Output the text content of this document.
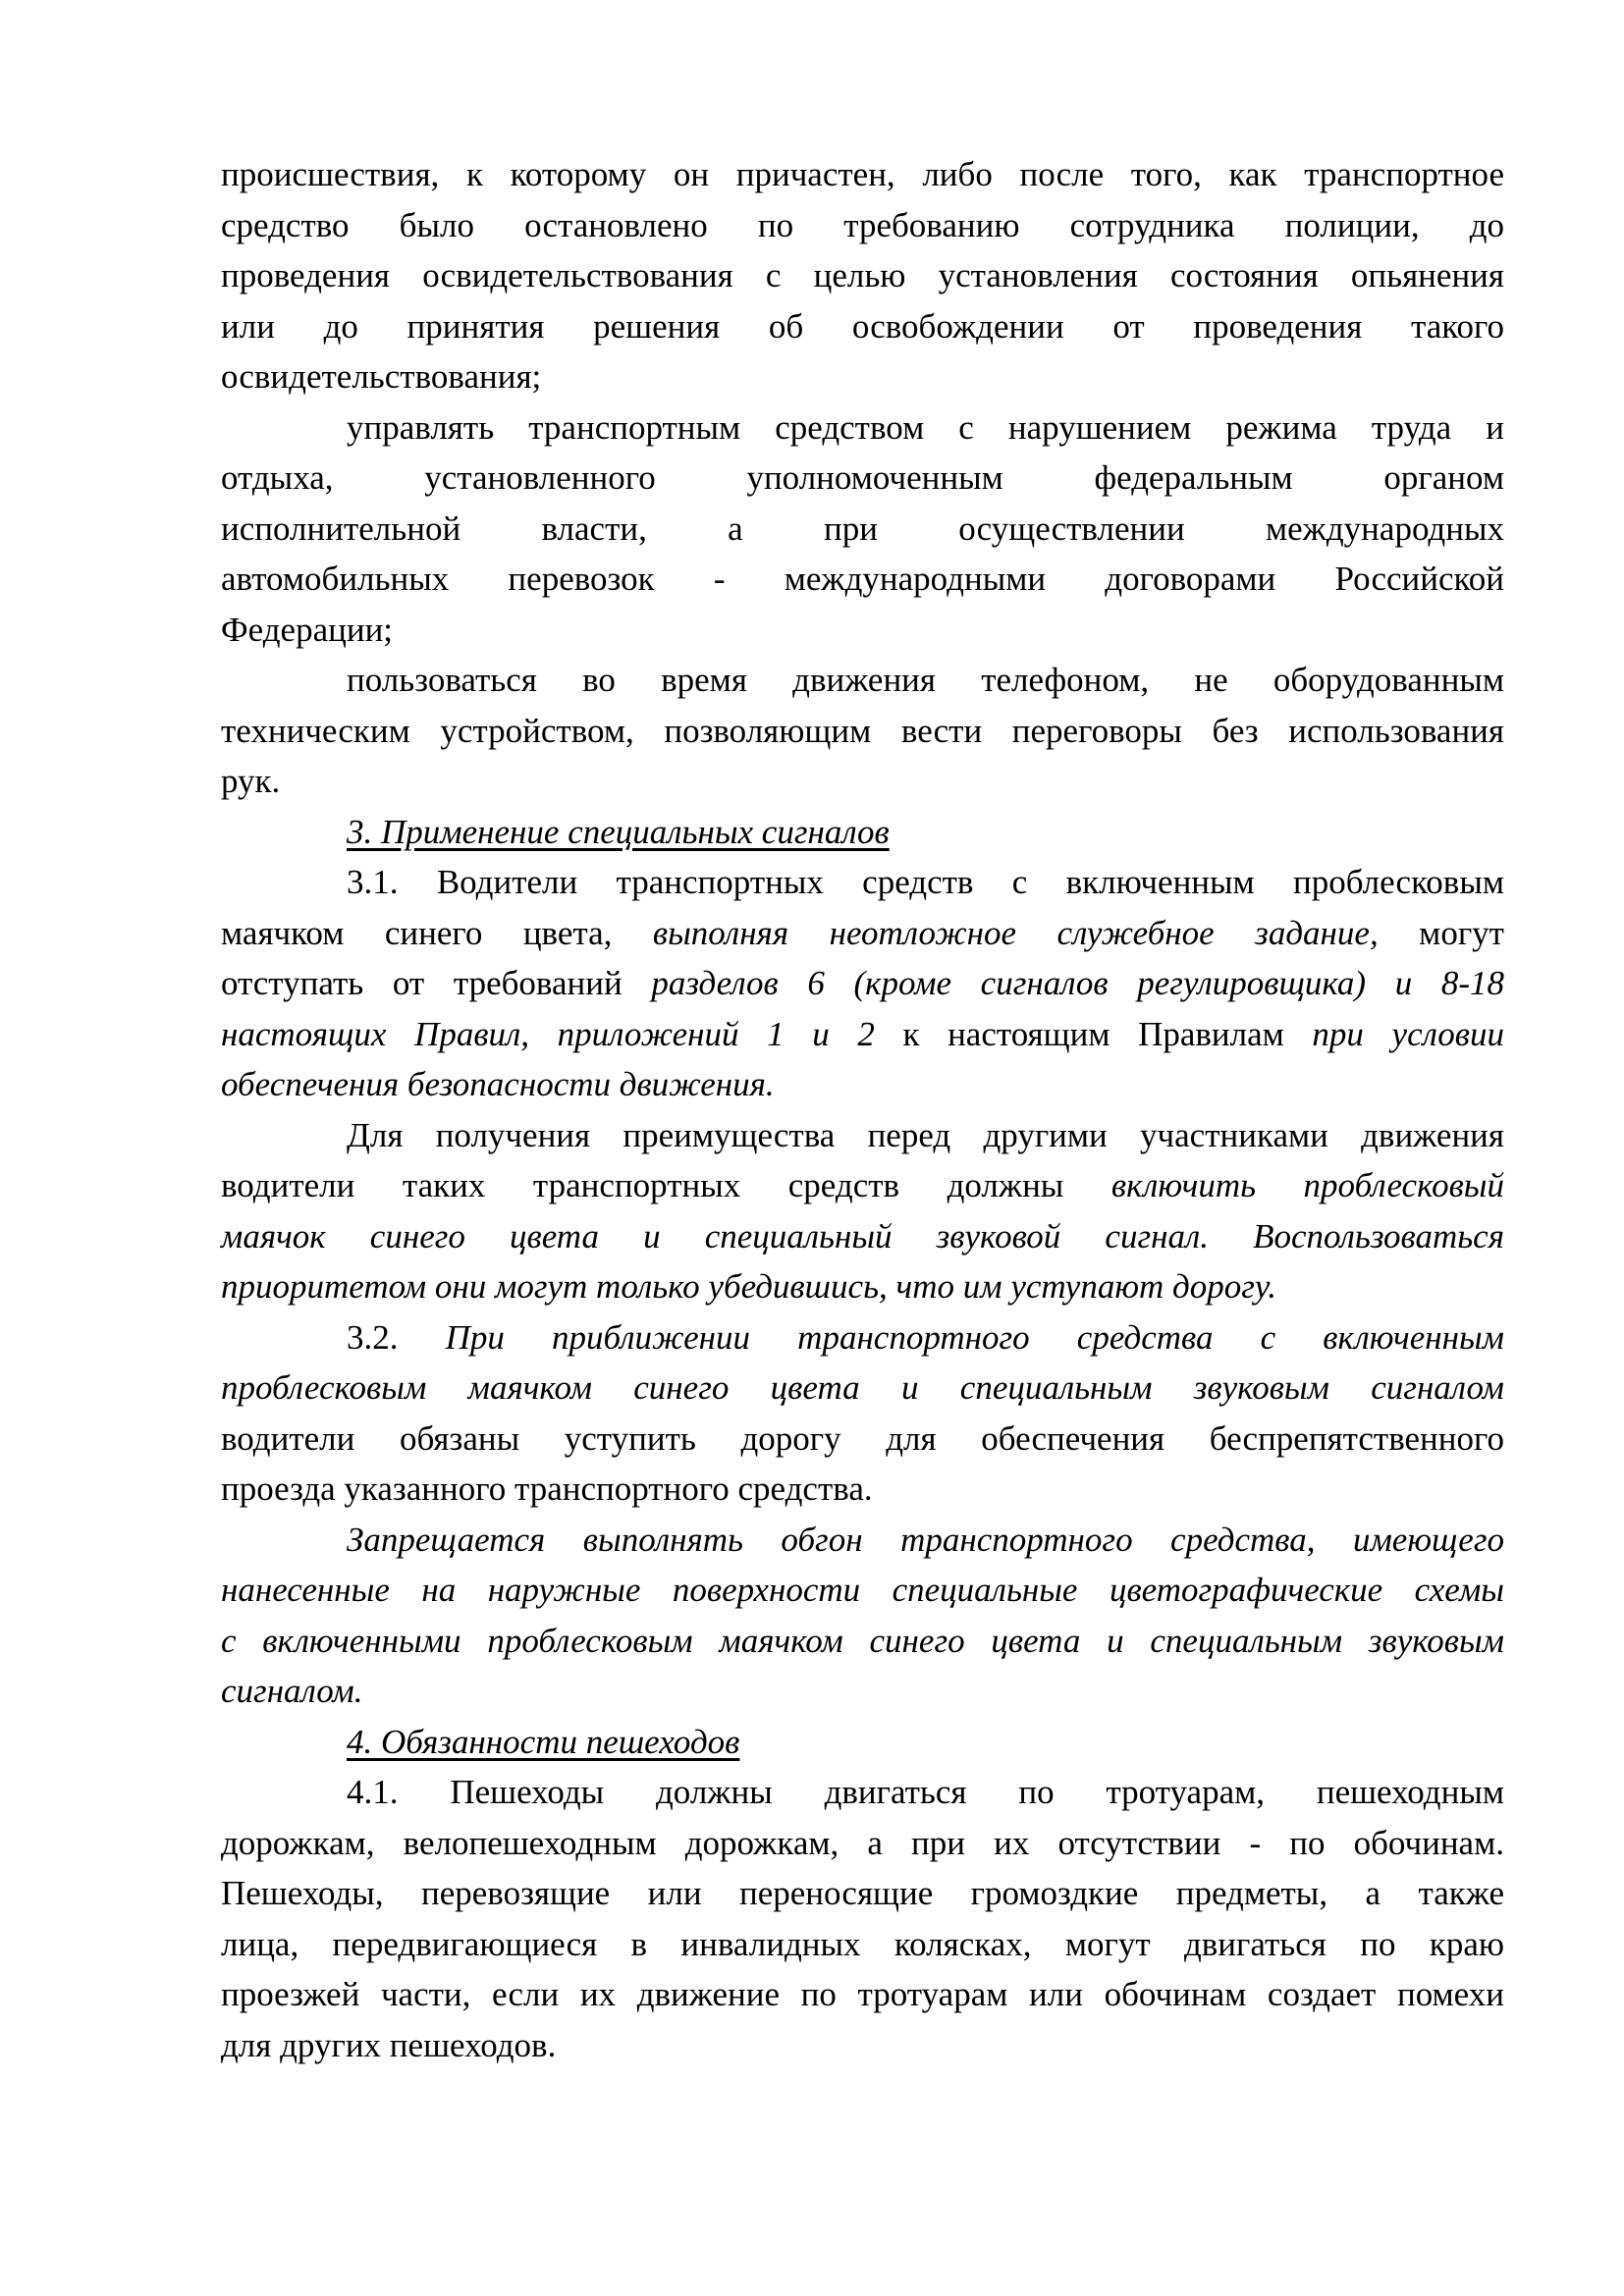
происшествия, к которому он причастен, либо после того, как транспортное
средство было остановлено по требованию сотрудника полиции, до
проведения освидетельствования с целью установления состояния опьянения
или до принятия решения об освобождении от проведения такого
освидетельствования;
управлять транспортным средством с нарушением режима труда и
отдыха, установленного уполномоченным федеральным органом
исполнительной власти, а при осуществлении международных
автомобильных перевозок - международными договорами Российской
Федерации;
пользоваться во время движения телефоном, не оборудованным
техническим устройством, позволяющим вести переговоры без использования
рук.
3. Применение специальных сигналов
3.1. Водители транспортных средств с включенным проблесковым
маячком синего цвета, выполняя неотложное служебное задание, могут
отступать от требований разделов 6 (кроме сигналов регулировщика) и 8-18
настоящих Правил, приложений 1 и 2 к настоящим Правилам при условии
обеспечения безопасности движения.
Для получения преимущества перед другими участниками движения
водители таких транспортных средств должны включить проблесковый
маячок синего цвета и специальный звуковой сигнал. Воспользоваться
приоритетом они могут только убедившись, что им уступают дорогу.
3.2. При приближении транспортного средства с включенным
проблесковым маячком синего цвета и специальным звуковым сигналом
водители обязаны уступить дорогу для обеспечения беспрепятственного
проезда указанного транспортного средства.
Запрещается выполнять обгон транспортного средства, имеющего
нанесенные на наружные поверхности специальные цветографические схемы
с включенными проблесковым маячком синего цвета и специальным звуковым
сигналом.
4. Обязанности пешеходов
4.1. Пешеходы должны двигаться по тротуарам, пешеходным
дорожкам, велопешеходным дорожкам, а при их отсутствии - по обочинам.
Пешеходы, перевозящие или переносящие громоздкие предметы, а также
лица, передвигающиеся в инвалидных колясках, могут двигаться по краю
проезжей части, если их движение по тротуарам или обочинам создает помехи
для других пешеходов.
